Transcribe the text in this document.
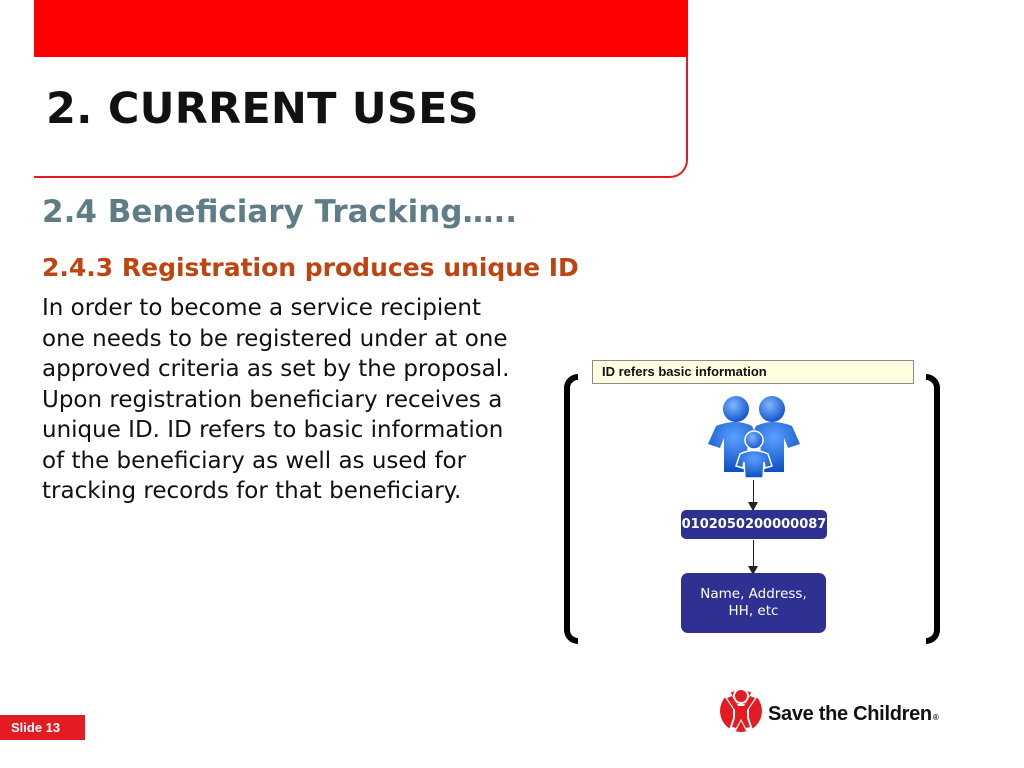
2. CURRENT USES
2.4 Beneficiary Tracking…..
2.4.3 Registration produces unique ID

In order to become a service recipient one needs to be registered under at one approved criteria as set by the proposal.

Upon registration beneficiary receives a unique ID. ID refers to basic information of the beneficiary as well as used for tracking records for that beneficiary.

ID refers basic information
0102050200000087
Name, Address, HH, etc
Slide 13
Save the Children®
